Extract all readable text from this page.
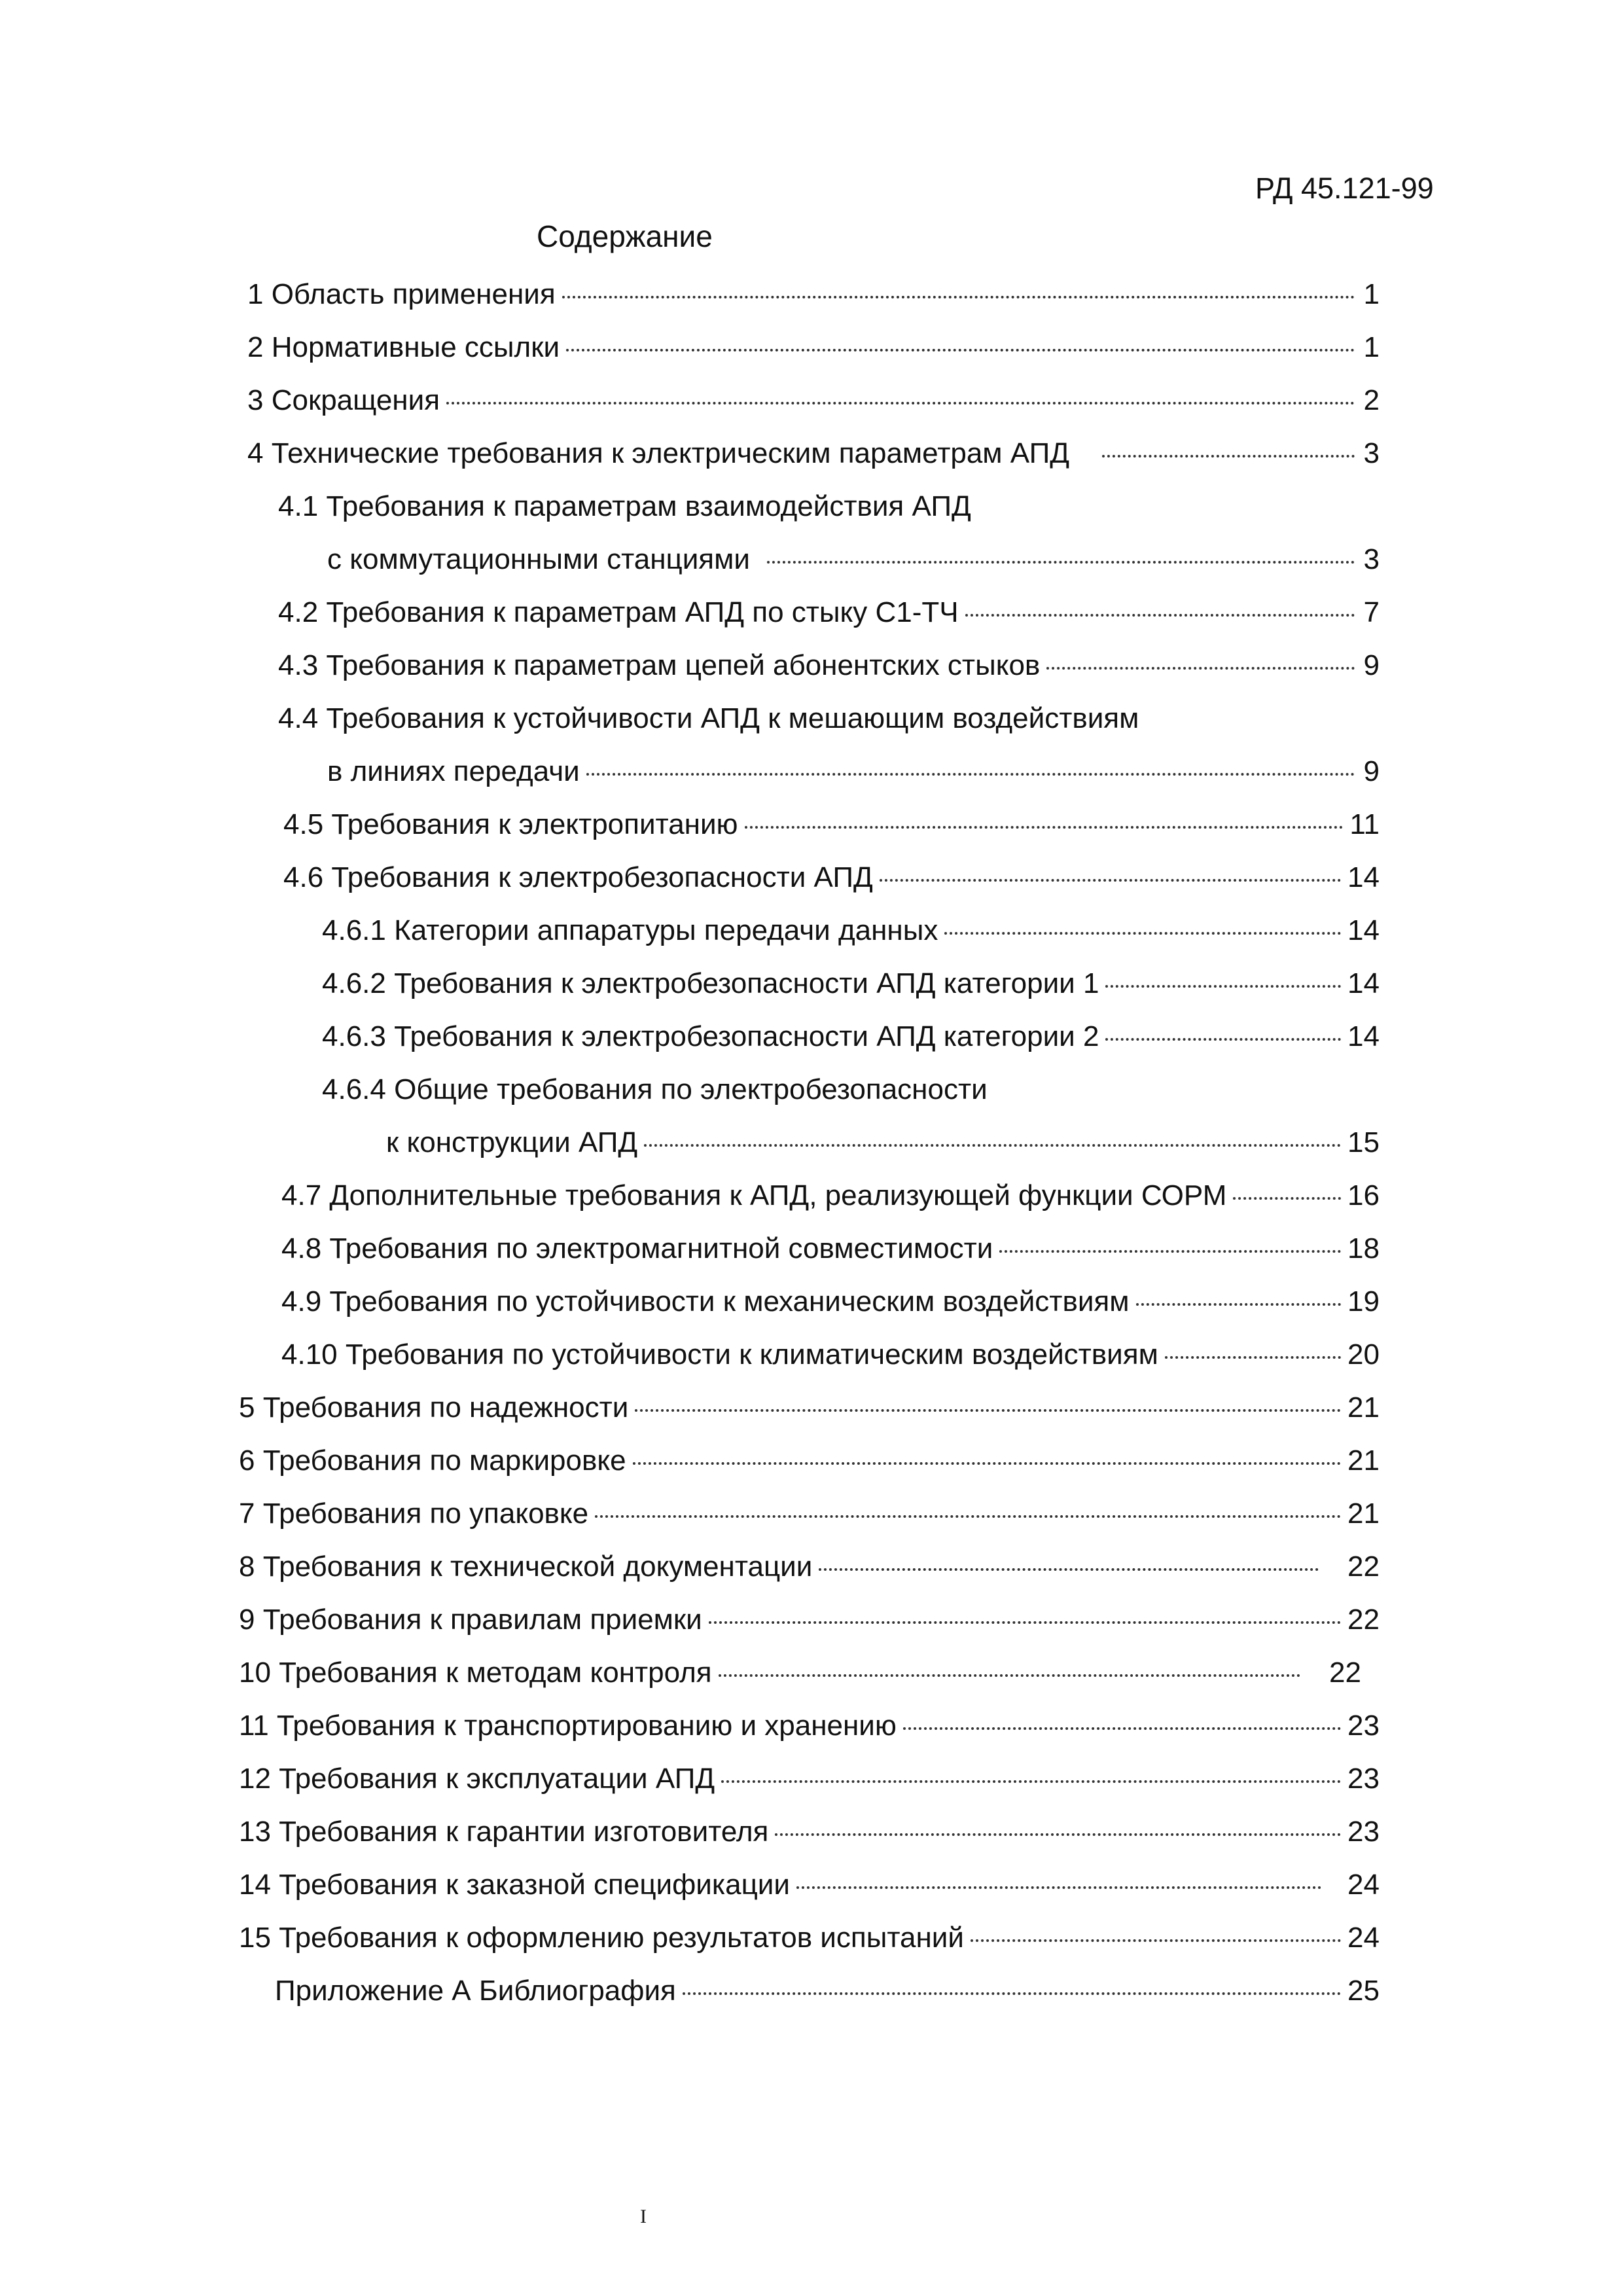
РД 45.121-99
Содержание
1 Область применения	1
2 Нормативные ссылки	1
3 Сокращения	2
4 Технические требования к электрическим параметрам АПД	3
4.1 Требования к параметрам взаимодействия АПД
с коммутационными станциями	3
4.2 Требования к параметрам АПД по стыку С1-ТЧ	7
4.3 Требования к параметрам цепей абонентских стыков	9
4.4 Требования к устойчивости АПД к мешающим воздействиям
в линиях передачи	9
4.5 Требования к электропитанию	11
4.6 Требования к электробезопасности АПД	14
4.6.1 Категории аппаратуры передачи данных	14
4.6.2 Требования к электробезопасности АПД категории 1	14
4.6.3 Требования к электробезопасности АПД категории 2	14
4.6.4 Общие требования по электробезопасности
к конструкции АПД	15
4.7 Дополнительные требования к АПД, реализующей функции СОРМ	16
4.8 Требования по электромагнитной совместимости	18
4.9 Требования по устойчивости к механическим воздействиям	19
4.10 Требования по устойчивости к климатическим воздействиям	20
5 Требования по надежности	21
6 Требования по маркировке	21
7 Требования по упаковке	21
8 Требования к технической документации	22
9 Требования к правилам приемки	22
10 Требования к методам контроля	22
11 Требования к транспортированию и хранению	23
12 Требования к эксплуатации АПД	23
13 Требования к гарантии изготовителя	23
14 Требования к заказной спецификации	24
15 Требования к оформлению результатов испытаний	24
Приложение А Библиография	25
I
